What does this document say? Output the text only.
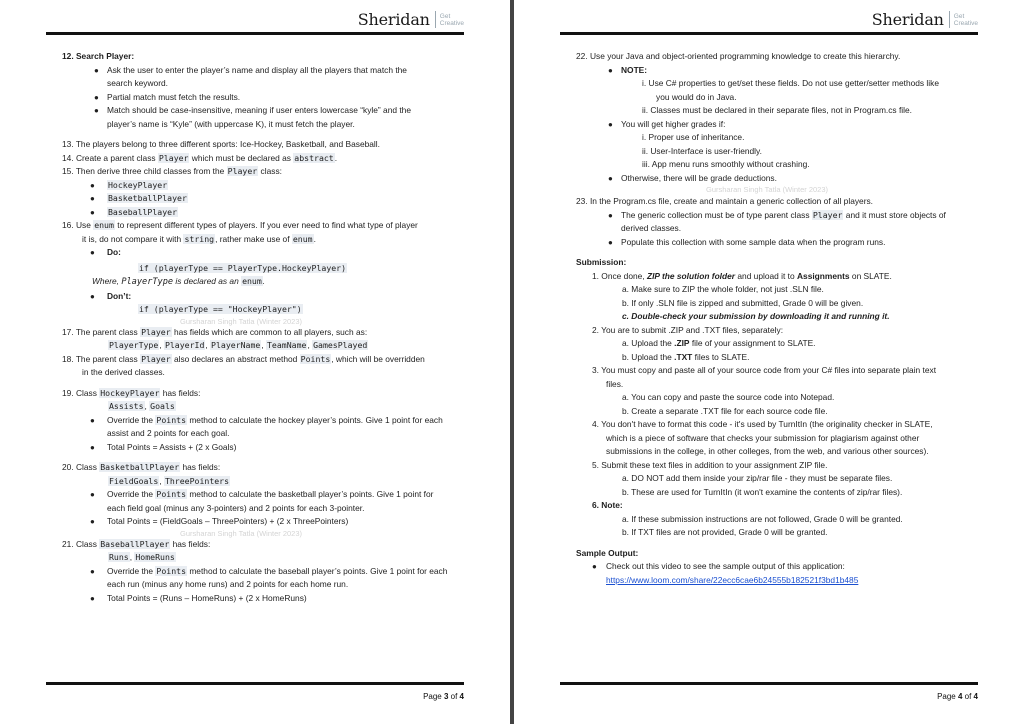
Sheridan Get
Creative
12. Search Player:
● Ask the user to enter the player’s name and display all the players that match the
search keyword.
● Partial match must fetch the results.
● Match should be case-insensitive, meaning if user enters lowercase “kyle” and the
player’s name is “Kyle” (with uppercase K), it must fetch the player.
13. The players belong to three different sports: Ice-Hockey, Basketball, and Baseball.
14. Create a parent class Player which must be declared as abstract.
15. Then derive three child classes from the Player class:
● HockeyPlayer
● BasketballPlayer
● BaseballPlayer
16. Use enum to represent different types of players. If you ever need to find what type of player
it is, do not compare it with string, rather make use of enum.
● Do:
if (playerType == PlayerType.HockeyPlayer)
Where, PlayerType is declared as an enum.
● Don’t:
if (playerType == "HockeyPlayer")
Gursharan Singh Tatla (Winter 2023)
17. The parent class Player has fields which are common to all players, such as:
PlayerType, PlayerId, PlayerName, TeamName, GamesPlayed
18. The parent class Player also declares an abstract method Points, which will be overridden
in the derived classes.
19. Class HockeyPlayer has fields:
Assists, Goals
● Override the Points method to calculate the hockey player’s points. Give 1 point for each
assist and 2 points for each goal.
● Total Points = Assists + (2 x Goals)
20. Class BasketballPlayer has fields:
FieldGoals, ThreePointers
● Override the Points method to calculate the basketball player’s points. Give 1 point for
each field goal (minus any 3-pointers) and 2 points for each 3-pointer.
● Total Points = (FieldGoals – ThreePointers) + (2 x ThreePointers)
Gursharan Singh Tatla (Winter 2023)
21. Class BaseballPlayer has fields:
Runs, HomeRuns
● Override the Points method to calculate the baseball player’s points. Give 1 point for each
each run (minus any home runs) and 2 points for each home run.
● Total Points = (Runs – HomeRuns) + (2 x HomeRuns)
Page 3 of 4
Sheridan Get
Creative
22. Use your Java and object-oriented programming knowledge to create this hierarchy.
● NOTE:
i. Use C# properties to get/set these fields. Do not use getter/setter methods like
you would do in Java.
ii. Classes must be declared in their separate files, not in Program.cs file.
● You will get higher grades if:
i. Proper use of inheritance.
ii. User-Interface is user-friendly.
iii. App menu runs smoothly without crashing.
● Otherwise, there will be grade deductions.
Gursharan Singh Tatla (Winter 2023)
23. In the Program.cs file, create and maintain a generic collection of all players.
● The generic collection must be of type parent class Player and it must store objects of
derived classes.
● Populate this collection with some sample data when the program runs.
Submission:
1. Once done, ZIP the solution folder and upload it to Assignments on SLATE.
a. Make sure to ZIP the whole folder, not just .SLN file.
b. If only .SLN file is zipped and submitted, Grade 0 will be given.
c. Double-check your submission by downloading it and running it.
2. You are to submit .ZIP and .TXT files, separately:
a. Upload the .ZIP file of your assignment to SLATE.
b. Upload the .TXT files to SLATE.
3. You must copy and paste all of your source code from your C# files into separate plain text
files.
a. You can copy and paste the source code into Notepad.
b. Create a separate .TXT file for each source code file.
4. You don't have to format this code - it's used by TurnItIn (the originality checker in SLATE,
which is a piece of software that checks your submission for plagiarism against other
submissions in the college, in other colleges, from the web, and various other sources).
5. Submit these text files in addition to your assignment ZIP file.
a. DO NOT add them inside your zip/rar file - they must be separate files.
b. These are used for TurnItIn (it won't examine the contents of zip/rar files).
6. Note:
a. If these submission instructions are not followed, Grade 0 will be granted.
b. If TXT files are not provided, Grade 0 will be granted.
Sample Output:
● Check out this video to see the sample output of this application:
https://www.loom.com/share/22ecc6cae6b24555b182521f3bd1b485
Page 4 of 4
